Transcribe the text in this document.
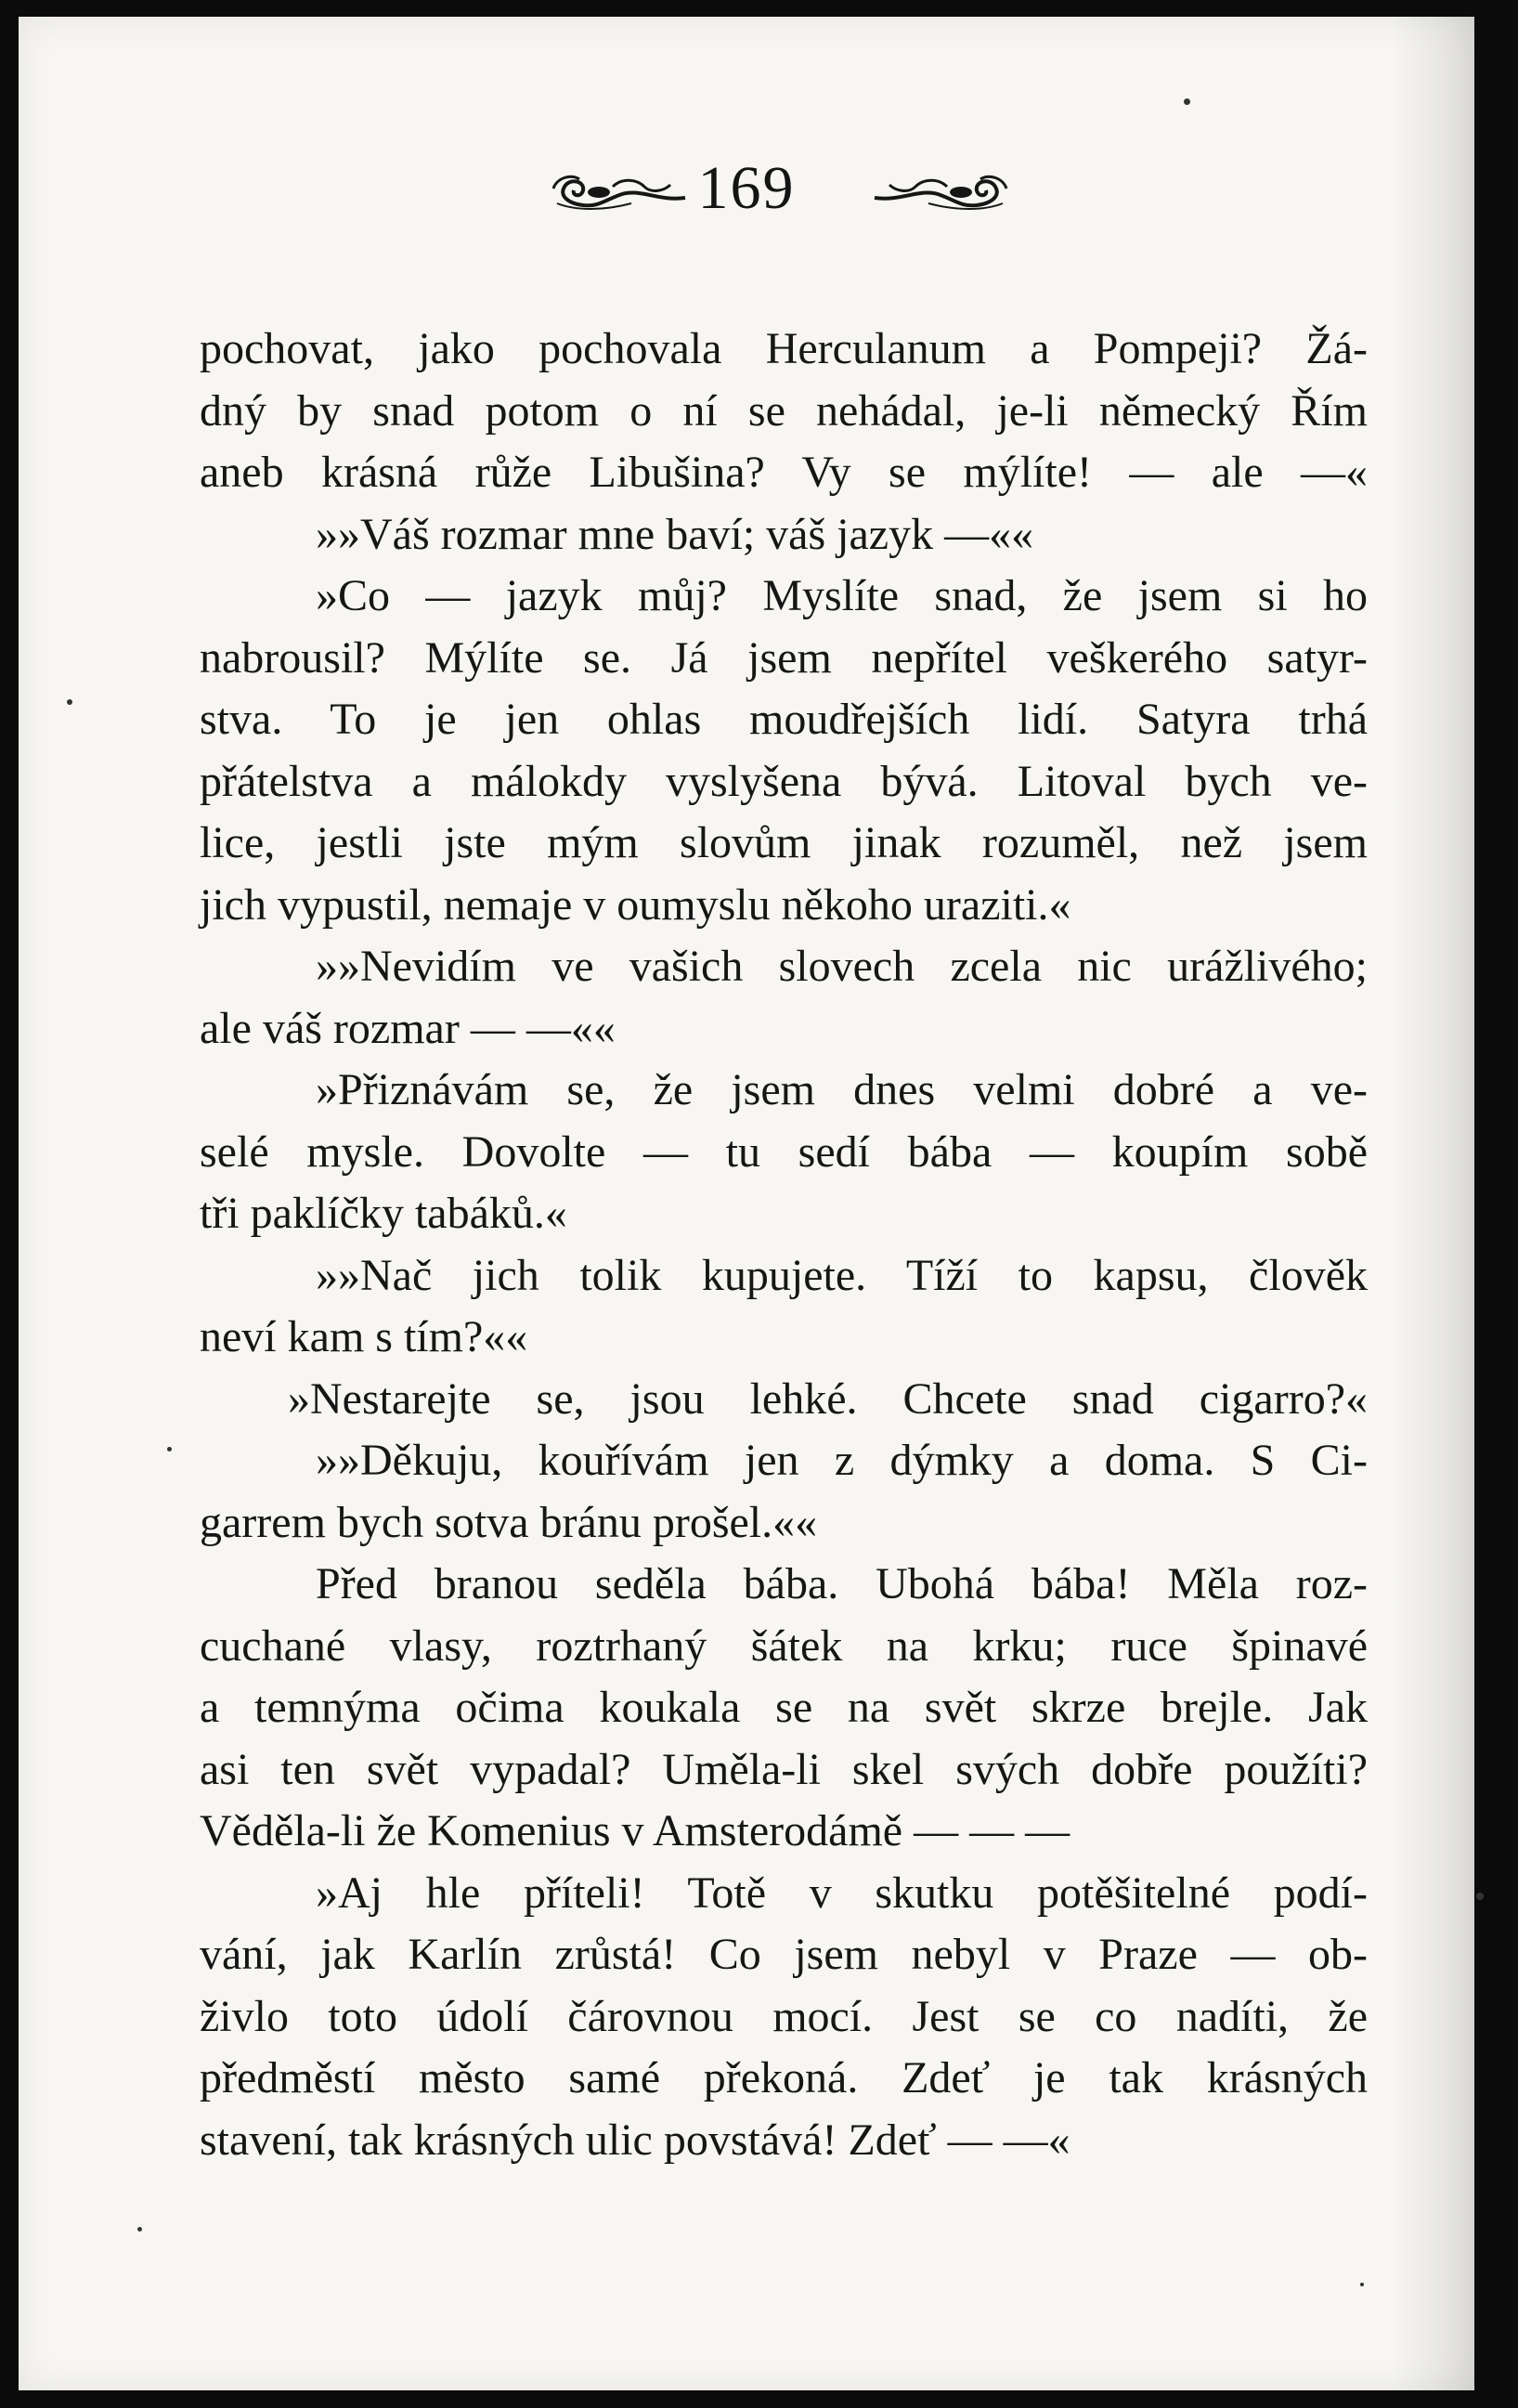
169
pochovat, jako pochovala Herculanum a Pompeji? Žá-
dný by snad potom o ní se nehádal, je-li německý Řím
aneb krásná růže Libušina? Vy se mýlíte! — ale —«
»»Váš rozmar mne baví; váš jazyk —««
»Co — jazyk můj? Myslíte snad, že jsem si ho
nabrousil? Mýlíte se. Já jsem nepřítel veškerého satyr-
stva. To je jen ohlas moudřejších lidí. Satyra trhá
přátelstva a málokdy vyslyšena bývá. Litoval bych ve-
lice, jestli jste mým slovům jinak rozuměl, než jsem
jich vypustil, nemaje v oumyslu někoho uraziti.«
»»Nevidím ve vašich slovech zcela nic urážlivého;
ale váš rozmar — —««
»Přiznávám se, že jsem dnes velmi dobré a ve-
selé mysle. Dovolte — tu sedí bába — koupím sobě
tři paklíčky tabáků.«
»»Nač jich tolik kupujete. Tíží to kapsu, člověk
neví kam s tím?««
»Nestarejte se, jsou lehké. Chcete snad cigarro?«
»»Děkuju, kouřívám jen z dýmky a doma. S Ci-
garrem bych sotva bránu prošel.««
Před branou seděla bába. Ubohá bába! Měla roz-
cuchané vlasy, roztrhaný šátek na krku; ruce špinavé
a temnýma očima koukala se na svět skrze brejle. Jak
asi ten svět vypadal? Uměla-li skel svých dobře použíti?
Věděla-li že Komenius v Amsterodámě — — —
»Aj hle příteli! Totě v skutku potěšitelné podí-
vání, jak Karlín zrůstá! Co jsem nebyl v Praze — ob-
živlo toto údolí čárovnou mocí. Jest se co nadíti, že
předměstí město samé překoná. Zdeť je tak krásných
stavení, tak krásných ulic povstává! Zdeť — —«
